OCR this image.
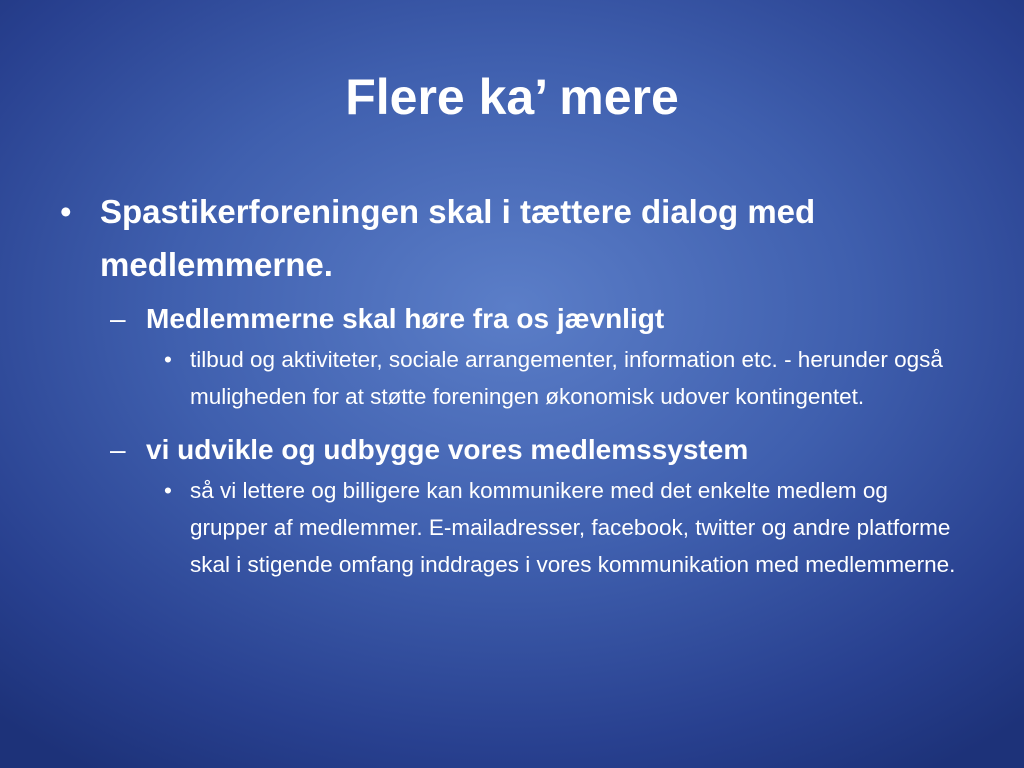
Flere ka’ mere
• Spastikerforeningen skal i tættere dialog med medlemmerne.
– Medlemmerne skal høre fra os jævnligt
• tilbud og aktiviteter, sociale arrangementer, information etc. - herunder også muligheden for at støtte foreningen økonomisk udover kontingentet.
– vi udvikle og udbygge vores medlemssystem
• så vi lettere og billigere kan kommunikere med det enkelte medlem og grupper af medlemmer. E-mailadresser, facebook, twitter og andre platforme skal i stigende omfang inddrages i vores kommunikation med medlemmerne.
